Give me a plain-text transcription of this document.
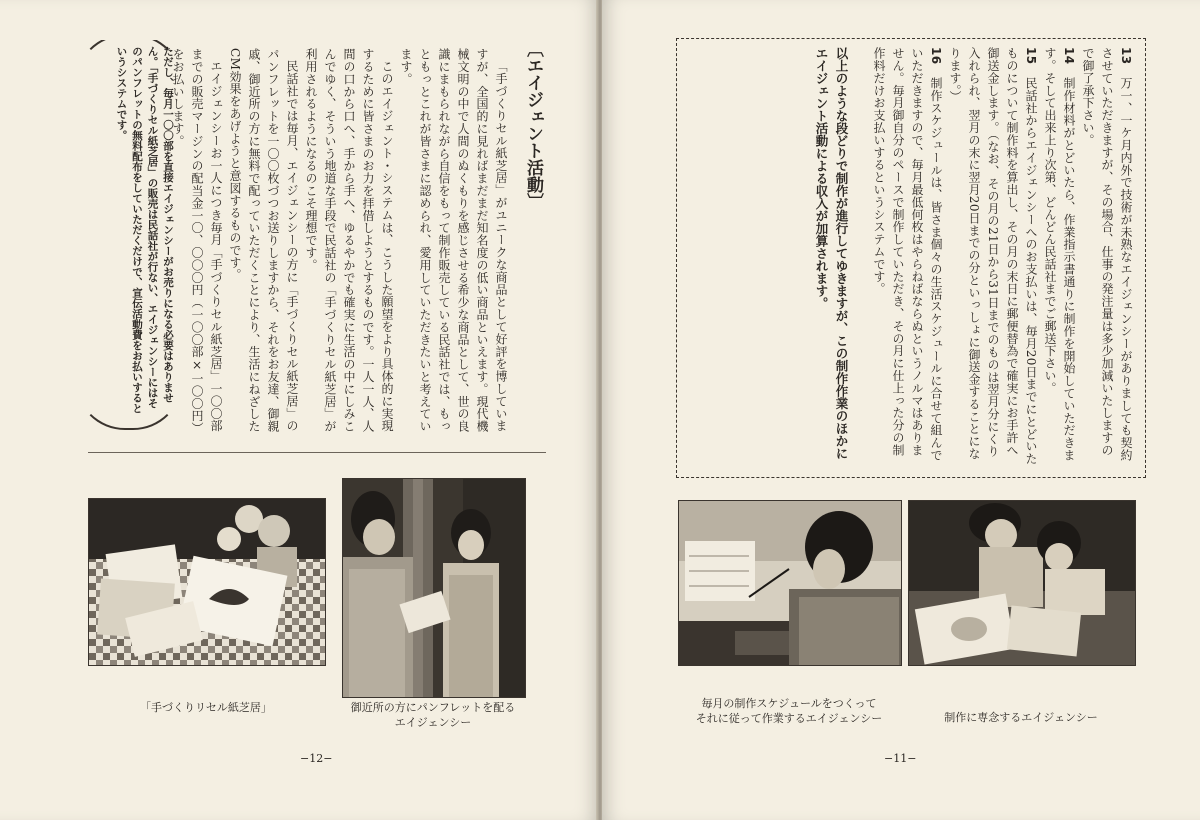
〔エイジェント活動〕

「手づくりセル紙芝居」がユニークな商品として好評を博していますが、全国的に見ればまだまだ知名度の低い商品といえます。現代機械文明の中で人間のぬくもりを感じさせる希少な商品として、世の良識にまもられながら自信をもって制作販売している民話社では、もっともっとこれが皆さまに認められ、愛用していただきたいと考えています。

このエイジェント・システムは、こうした願望をより具体的に実現するために皆さまのお力を拝借しようとするものです。一人一人、人間の口から口へ、手から手へ、ゆるやかでも確実に生活の中にしみこんでゆく、そういう地道な手段で民話社の「手づくりセル紙芝居」が利用されるようになるのこそ理想です。

民話社では毎月、エイジェンシーの方に「手づくりセル紙芝居」のパンフレットを一〇〇枚づつお送りしますから、それをお友達、御親戚、御近所の方に無料で配っていただくことにより、生活にねざしたCM効果をあげようと意図するものです。

エイジェンシーお一人につき毎月「手づくりセル紙芝居」一〇〇部までの販売マージンの配当金一〇、〇〇〇円（一〇〇部×一〇〇円）をお払いします。

ただし、毎月一〇〇部を直接エイジェンシーがお売りになる必要はありません。「手づくりセル紙芝居」の販売は民話社が行ない、エイジェンシーにはそのパンフレットの無料配布をしていただくだけで、宣伝活動費をお払いするというシステムです。
「手づくりリセル紙芝居」	御近所の方にパンフレットを配る
エイジェンシー
−12−
13　万一、一ケ月内外で技術が未熟なエイジェンシーがありましても契約させていただきますが、その場合、仕事の発注量は多少加減いたしますので御了承下さい。
14　制作材料がとどいたら、作業指示書通りに制作を開始していただきます。そして出来上り次第、どんどん民話社までご郵送下さい。
15　民話社からエイジェンシーへのお支払いは、毎月20日までにとどいたものについて制作料を算出し、その月の末日に郵便替為で確実にお手許へ御送金します。（なお、その月の21日から31日までのものは翌月分にくり入れられ、翌月の末に翌月20日までの分といっしょに御送金することになります。）
16　制作スケジュールは、皆さま個々の生活スケジュールに合せて組んでいただきますので、毎月最低何枚はやらねばならぬというノルマはありません。毎月御自分のペースで制作していただき、その月に仕上った分の制作料だけお支払いするというシステムです。
以上のような段どりで制作が進行してゆきますが、この制作作業のほかにエイジェント活動による収入が加算されます。
毎月の制作スケジュールをつくって
それに従って作業するエイジェンシー	制作に専念するエイジェンシー
−11−
